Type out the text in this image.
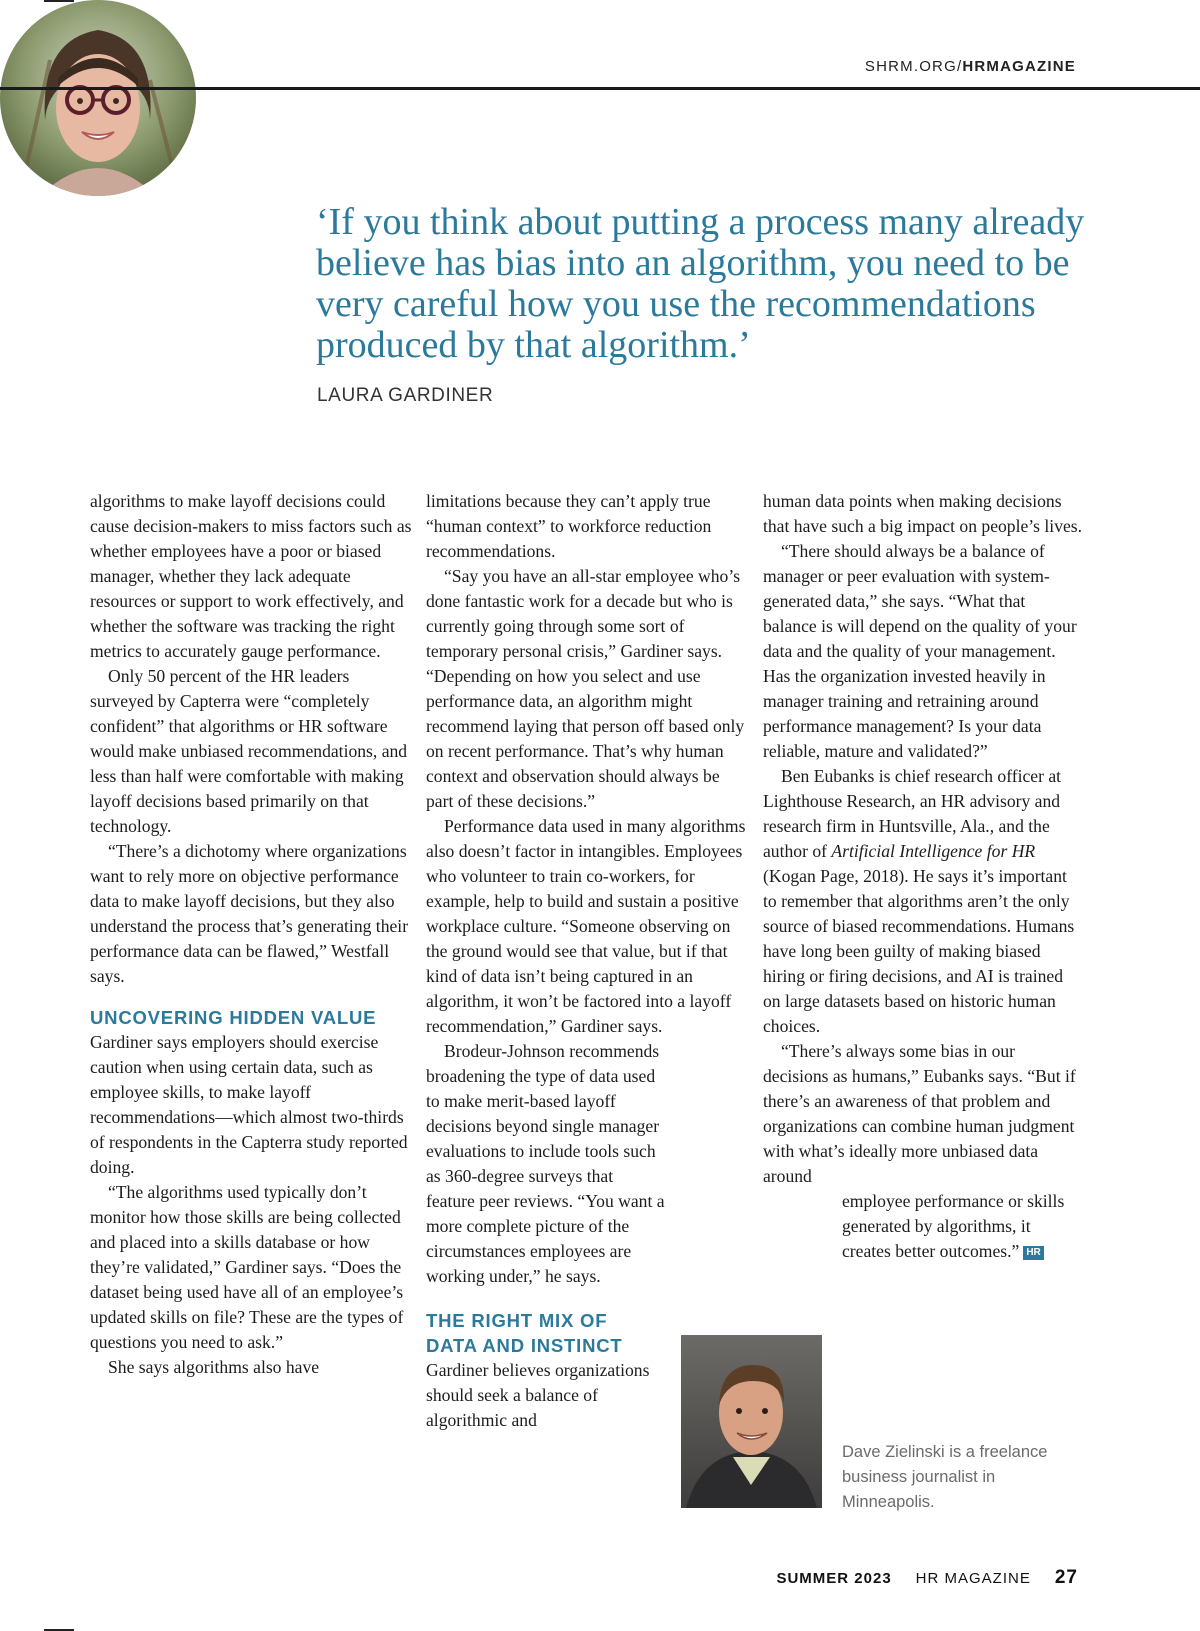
SHRM.ORG/HRMAGAZINE
‘If you think about putting a process many already believe has bias into an algorithm, you need to be very careful how you use the recommendations produced by that algorithm.’
LAURA GARDINER

algorithms to make layoff decisions could cause decision-makers to miss factors such as whether employees have a poor or biased manager, whether they lack adequate resources or support to work effectively, and whether the software was tracking the right metrics to accurately gauge performance.

Only 50 percent of the HR leaders surveyed by Capterra were “completely confident” that algorithms or HR software would make unbiased recommendations, and less than half were comfortable with making layoff decisions based primarily on that technology.

“There’s a dichotomy where organizations want to rely more on objective performance data to make layoff decisions, but they also understand the process that’s generating their performance data can be flawed,” Westfall says.

UNCOVERING HIDDEN VALUE

Gardiner says employers should exercise caution when using certain data, such as employee skills, to make layoff recommendations—which almost two-thirds of respondents in the Capterra study reported doing.

“The algorithms used typically don’t monitor how those skills are being collected and placed into a skills database or how they’re validated,” Gardiner says. “Does the dataset being used have all of an employee’s updated skills on file? These are the types of questions you need to ask.”

She says algorithms also have

limitations because they can’t apply true “human context” to workforce reduction recommendations.

“Say you have an all-star employee who’s done fantastic work for a decade but who is currently going through some sort of temporary personal crisis,” Gardiner says. “Depending on how you select and use performance data, an algorithm might recommend laying that person off based only on recent performance. That’s why human context and observation should always be part of these decisions.”

Performance data used in many algorithms also doesn’t factor in intangibles. Employees who volunteer to train co-workers, for example, help to build and sustain a positive workplace culture. “Someone observing on the ground would see that value, but if that kind of data isn’t being captured in an algorithm, it won’t be factored into a layoff recommendation,” Gardiner says.

Brodeur-Johnson recommends broadening the type of data used to make merit-based layoff decisions beyond single manager evaluations to include tools such as 360-degree surveys that feature peer reviews. “You want a more complete picture of the circumstances employees are working under,” he says.

THE RIGHT MIX OF
DATA AND INSTINCT

Gardiner believes organizations should seek a balance of algorithmic and

human data points when making decisions that have such a big impact on people’s lives.

“There should always be a balance of manager or peer evaluation with system-generated data,” she says. “What that balance is will depend on the quality of your data and the quality of your management. Has the organization invested heavily in manager training and retraining around performance management? Is your data reliable, mature and validated?”

Ben Eubanks is chief research officer at Lighthouse Research, an HR advisory and research firm in Huntsville, Ala., and the author of Artificial Intelligence for HR (Kogan Page, 2018). He says it’s important to remember that algorithms aren’t the only source of biased recommendations. Humans have long been guilty of making biased hiring or firing decisions, and AI is trained on large datasets based on historic human choices.

“There’s always some bias in our decisions as humans,” Eubanks says. “But if there’s an awareness of that problem and organizations can combine human judgment with what’s ideally more unbiased data around

employee performance or skills generated by algorithms, it creates better outcomes.” HR

Dave Zielinski is a freelance business journalist in Minneapolis.
SUMMER 2023 HR MAGAZINE 27
